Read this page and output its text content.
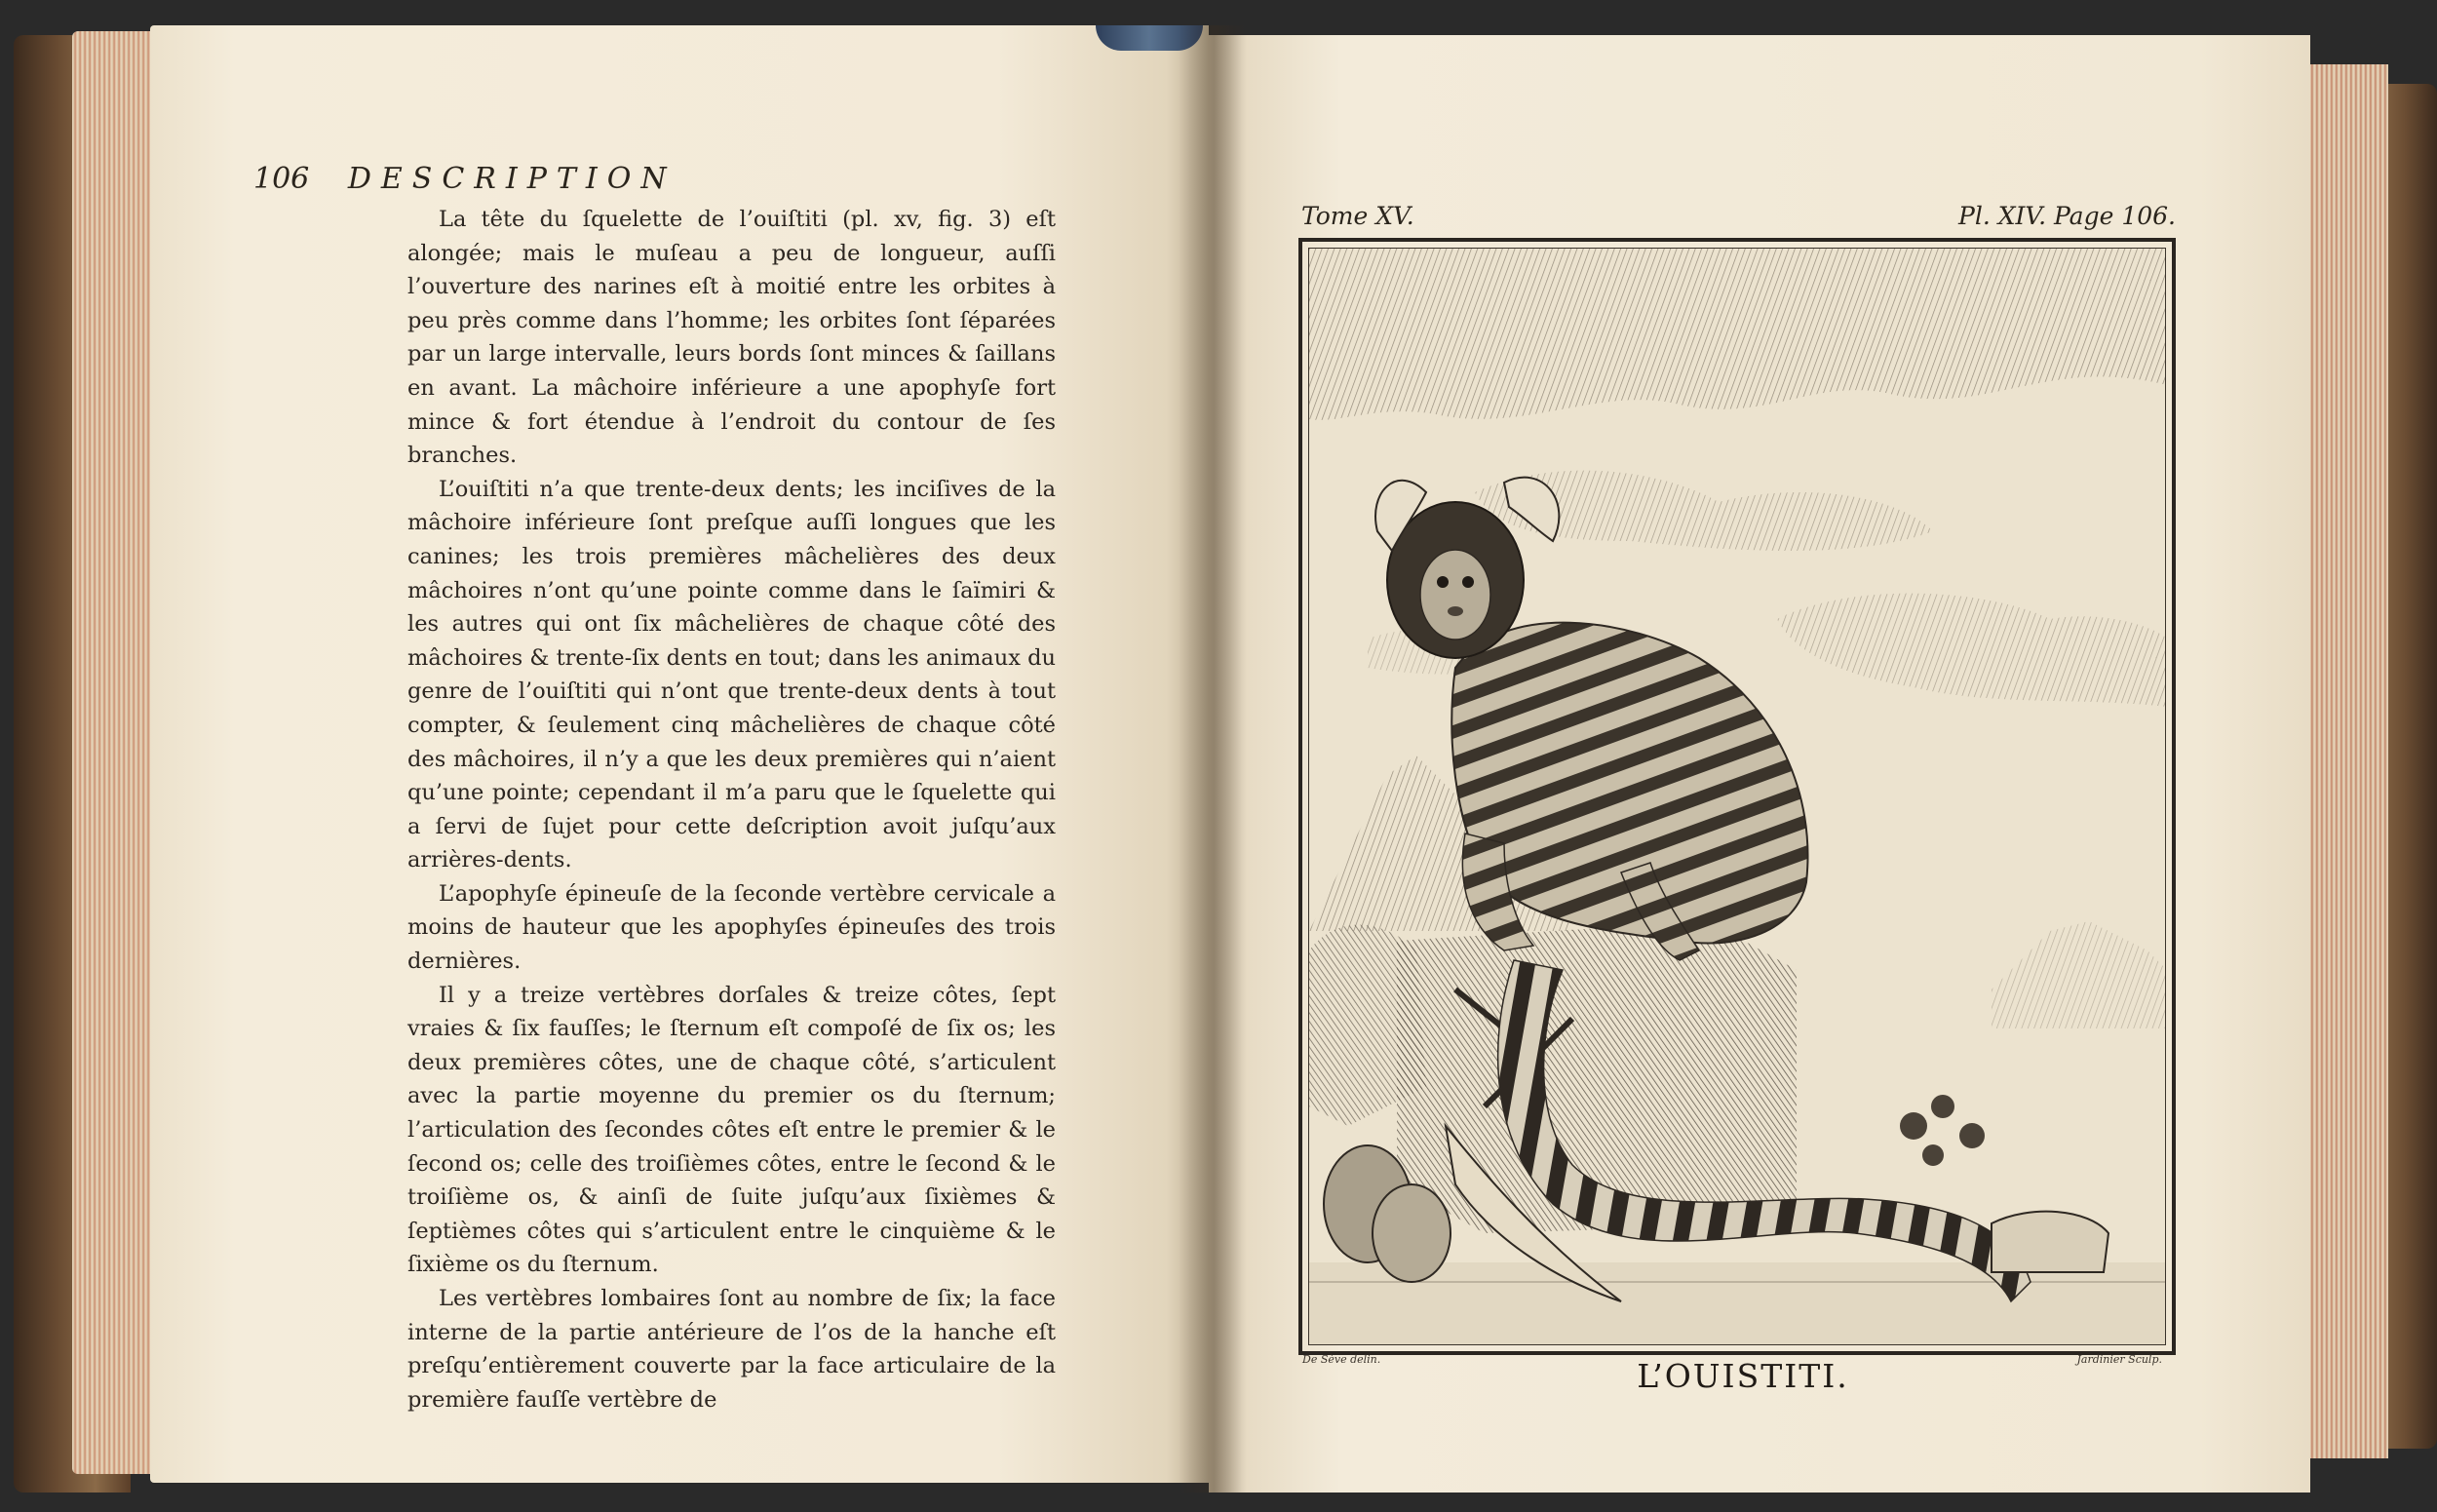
106 DESCRIPTION

La tête du ſquelette de l’ouiſtiti (pl. xv, fig. 3) eſt alongée; mais le muſeau a peu de longueur, auſſi l’ouverture des narines eſt à moitié entre les orbites à peu près comme dans l’homme; les orbites ſont ſéparées par un large intervalle, leurs bords ſont minces & ſaillans en avant. La mâchoire inférieure a une apophyſe fort mince & fort étendue à l’endroit du contour de ſes branches.

L’ouiſtiti n’a que trente-deux dents; les inciſives de la mâchoire inférieure ſont preſque auſſi longues que les canines; les trois premières mâchelières des deux mâchoires n’ont qu’une pointe comme dans le ſaïmiri & les autres qui ont ſix mâchelières de chaque côté des mâchoires & trente-ſix dents en tout; dans les animaux du genre de l’ouiſtiti qui n’ont que trente-deux dents à tout compter, & ſeulement cinq mâchelières de chaque côté des mâchoires, il n’y a que les deux premières qui n’aient qu’une pointe; cependant il m’a paru que le ſquelette qui a ſervi de ſujet pour cette deſcription avoit juſqu’aux arrières-dents.

L’apophyſe épineuſe de la ſeconde vertèbre cervicale a moins de hauteur que les apophyſes épineuſes des trois dernières.

Il y a treize vertèbres dorſales & treize côtes, ſept vraies & ſix fauſſes; le ſternum eſt compoſé de ſix os; les deux premières côtes, une de chaque côté, s’articulent avec la partie moyenne du premier os du ſternum; l’articulation des ſecondes côtes eſt entre le premier & le ſecond os; celle des troiſièmes côtes, entre le ſecond & le troiſième os, & ainſi de ſuite juſqu’aux ſixièmes & ſeptièmes côtes qui s’articulent entre le cinquième & le ſixième os du ſternum.

Les vertèbres lombaires ſont au nombre de ſix; la face interne de la partie antérieure de l’os de la hanche eſt preſqu’entièrement couverte par la face articulaire de la première fauſſe vertèbre de

Tome XV.	Pl. XIV. Page 106.
De Sève delin.	Jardinier Sculp.
L’OUISTITI.
